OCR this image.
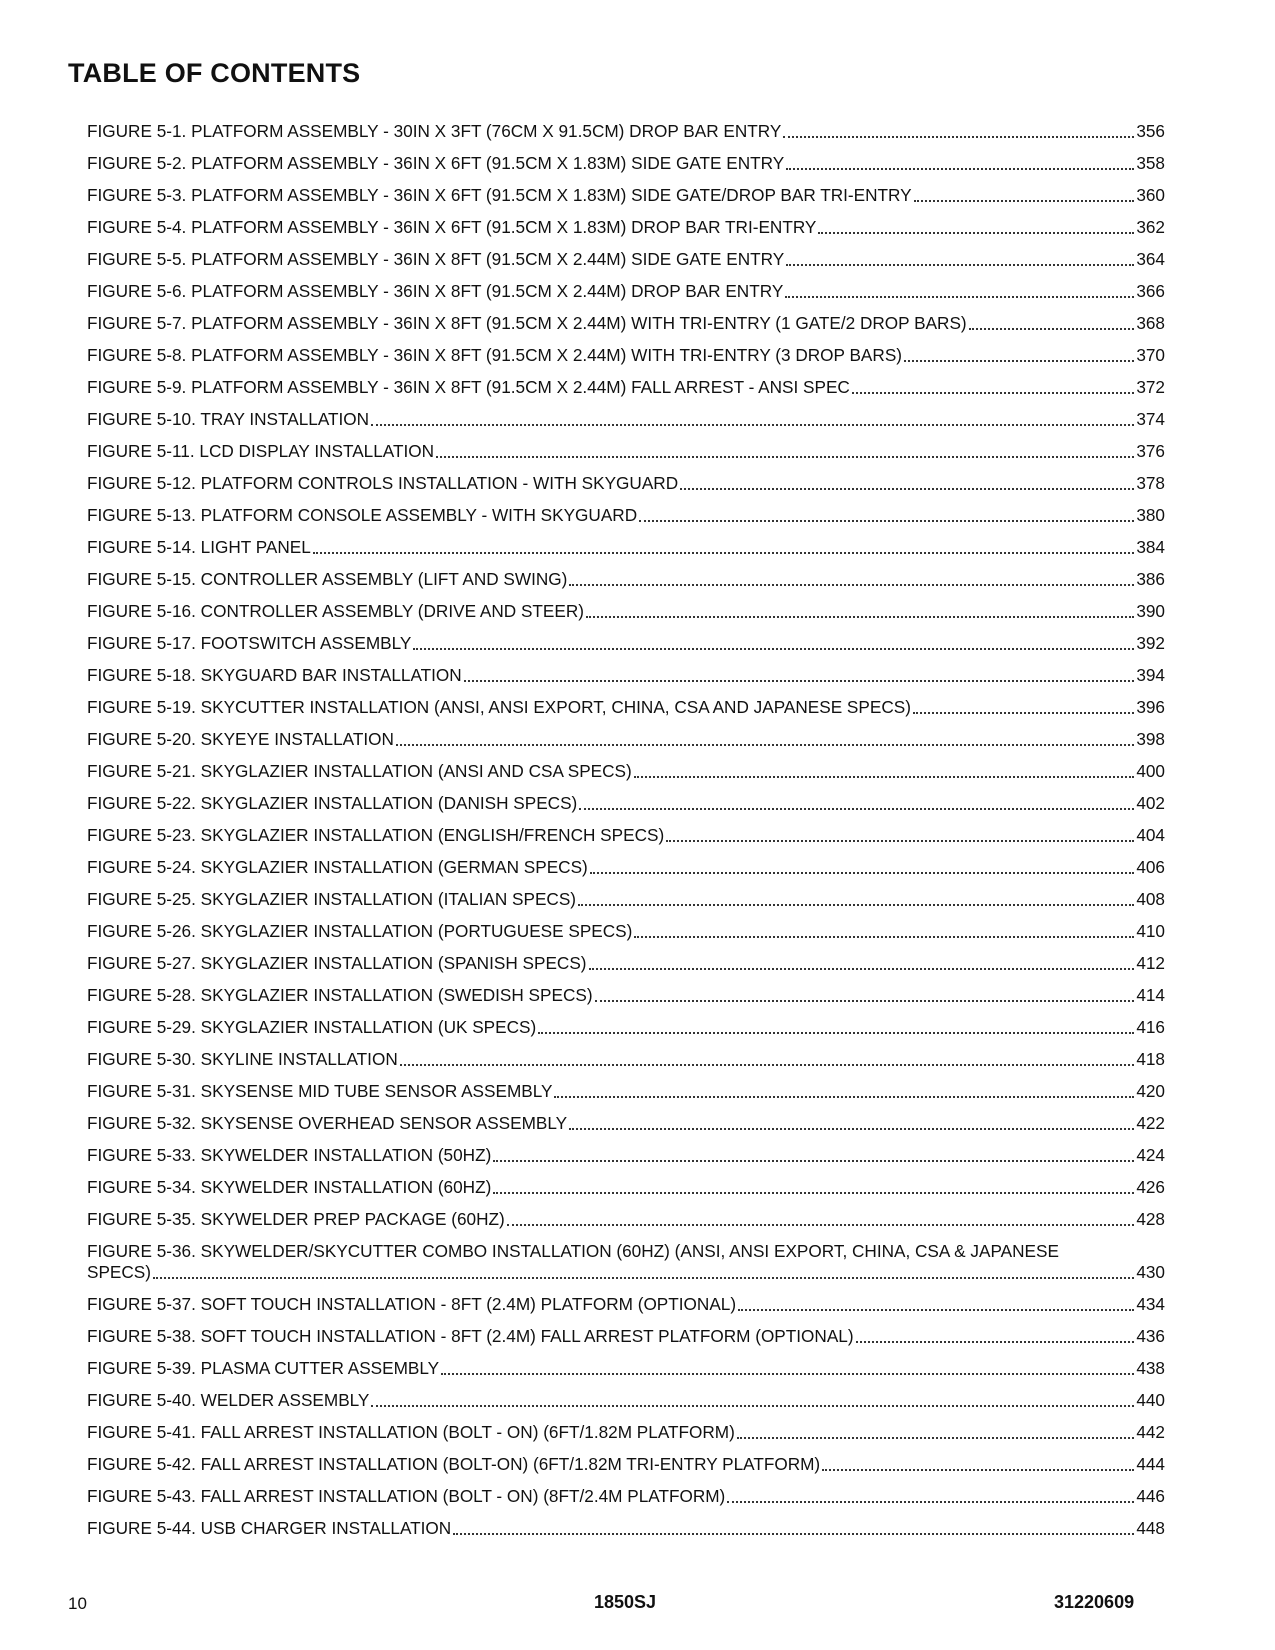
TABLE OF CONTENTS
FIGURE 5-1. PLATFORM ASSEMBLY - 30IN X 3FT (76CM X 91.5CM) DROP BAR ENTRY	356
FIGURE 5-2. PLATFORM ASSEMBLY - 36IN X 6FT (91.5CM X 1.83M) SIDE GATE ENTRY	358
FIGURE 5-3. PLATFORM ASSEMBLY - 36IN X 6FT (91.5CM X 1.83M) SIDE GATE/DROP BAR TRI-ENTRY	360
FIGURE 5-4. PLATFORM ASSEMBLY - 36IN X 6FT (91.5CM X 1.83M) DROP BAR TRI-ENTRY	362
FIGURE 5-5. PLATFORM ASSEMBLY - 36IN X 8FT (91.5CM X 2.44M) SIDE GATE ENTRY	364
FIGURE 5-6. PLATFORM ASSEMBLY - 36IN X 8FT (91.5CM X 2.44M) DROP BAR ENTRY	366
FIGURE 5-7. PLATFORM ASSEMBLY - 36IN X 8FT (91.5CM X 2.44M) WITH TRI-ENTRY (1 GATE/2 DROP BARS)	368
FIGURE 5-8. PLATFORM ASSEMBLY - 36IN X 8FT (91.5CM X 2.44M) WITH TRI-ENTRY (3 DROP BARS)	370
FIGURE 5-9. PLATFORM ASSEMBLY - 36IN X 8FT (91.5CM X 2.44M) FALL ARREST - ANSI SPEC	372
FIGURE 5-10. TRAY INSTALLATION	374
FIGURE 5-11. LCD DISPLAY INSTALLATION	376
FIGURE 5-12. PLATFORM CONTROLS INSTALLATION - WITH SKYGUARD	378
FIGURE 5-13. PLATFORM CONSOLE ASSEMBLY - WITH SKYGUARD	380
FIGURE 5-14. LIGHT PANEL	384
FIGURE 5-15. CONTROLLER ASSEMBLY (LIFT AND SWING)	386
FIGURE 5-16. CONTROLLER ASSEMBLY (DRIVE AND STEER)	390
FIGURE 5-17. FOOTSWITCH ASSEMBLY	392
FIGURE 5-18. SKYGUARD BAR INSTALLATION	394
FIGURE 5-19. SKYCUTTER INSTALLATION (ANSI, ANSI EXPORT, CHINA, CSA AND JAPANESE SPECS)	396
FIGURE 5-20. SKYEYE INSTALLATION	398
FIGURE 5-21. SKYGLAZIER INSTALLATION (ANSI AND CSA SPECS)	400
FIGURE 5-22. SKYGLAZIER INSTALLATION (DANISH SPECS)	402
FIGURE 5-23. SKYGLAZIER INSTALLATION (ENGLISH/FRENCH SPECS)	404
FIGURE 5-24. SKYGLAZIER INSTALLATION (GERMAN SPECS)	406
FIGURE 5-25. SKYGLAZIER INSTALLATION (ITALIAN SPECS)	408
FIGURE 5-26. SKYGLAZIER INSTALLATION (PORTUGUESE SPECS)	410
FIGURE 5-27. SKYGLAZIER INSTALLATION (SPANISH SPECS)	412
FIGURE 5-28. SKYGLAZIER INSTALLATION (SWEDISH SPECS)	414
FIGURE 5-29. SKYGLAZIER INSTALLATION (UK SPECS)	416
FIGURE 5-30. SKYLINE INSTALLATION	418
FIGURE 5-31. SKYSENSE MID TUBE SENSOR ASSEMBLY	420
FIGURE 5-32. SKYSENSE OVERHEAD SENSOR ASSEMBLY	422
FIGURE 5-33. SKYWELDER INSTALLATION (50HZ)	424
FIGURE 5-34. SKYWELDER INSTALLATION (60HZ)	426
FIGURE 5-35. SKYWELDER PREP PACKAGE (60HZ)	428
FIGURE 5-36. SKYWELDER/SKYCUTTER COMBO INSTALLATION (60HZ) (ANSI, ANSI EXPORT, CHINA, CSA & JAPANESE
SPECS)	430
FIGURE 5-37. SOFT TOUCH INSTALLATION - 8FT (2.4M) PLATFORM (OPTIONAL)	434
FIGURE 5-38. SOFT TOUCH INSTALLATION - 8FT (2.4M) FALL ARREST PLATFORM (OPTIONAL)	436
FIGURE 5-39. PLASMA CUTTER ASSEMBLY	438
FIGURE 5-40. WELDER ASSEMBLY	440
FIGURE 5-41. FALL ARREST INSTALLATION (BOLT - ON) (6FT/1.82M PLATFORM)	442
FIGURE 5-42. FALL ARREST INSTALLATION (BOLT-ON) (6FT/1.82M TRI-ENTRY PLATFORM)	444
FIGURE 5-43. FALL ARREST INSTALLATION (BOLT - ON) (8FT/2.4M PLATFORM)	446
FIGURE 5-44. USB CHARGER INSTALLATION	448
10	1850SJ	31220609
